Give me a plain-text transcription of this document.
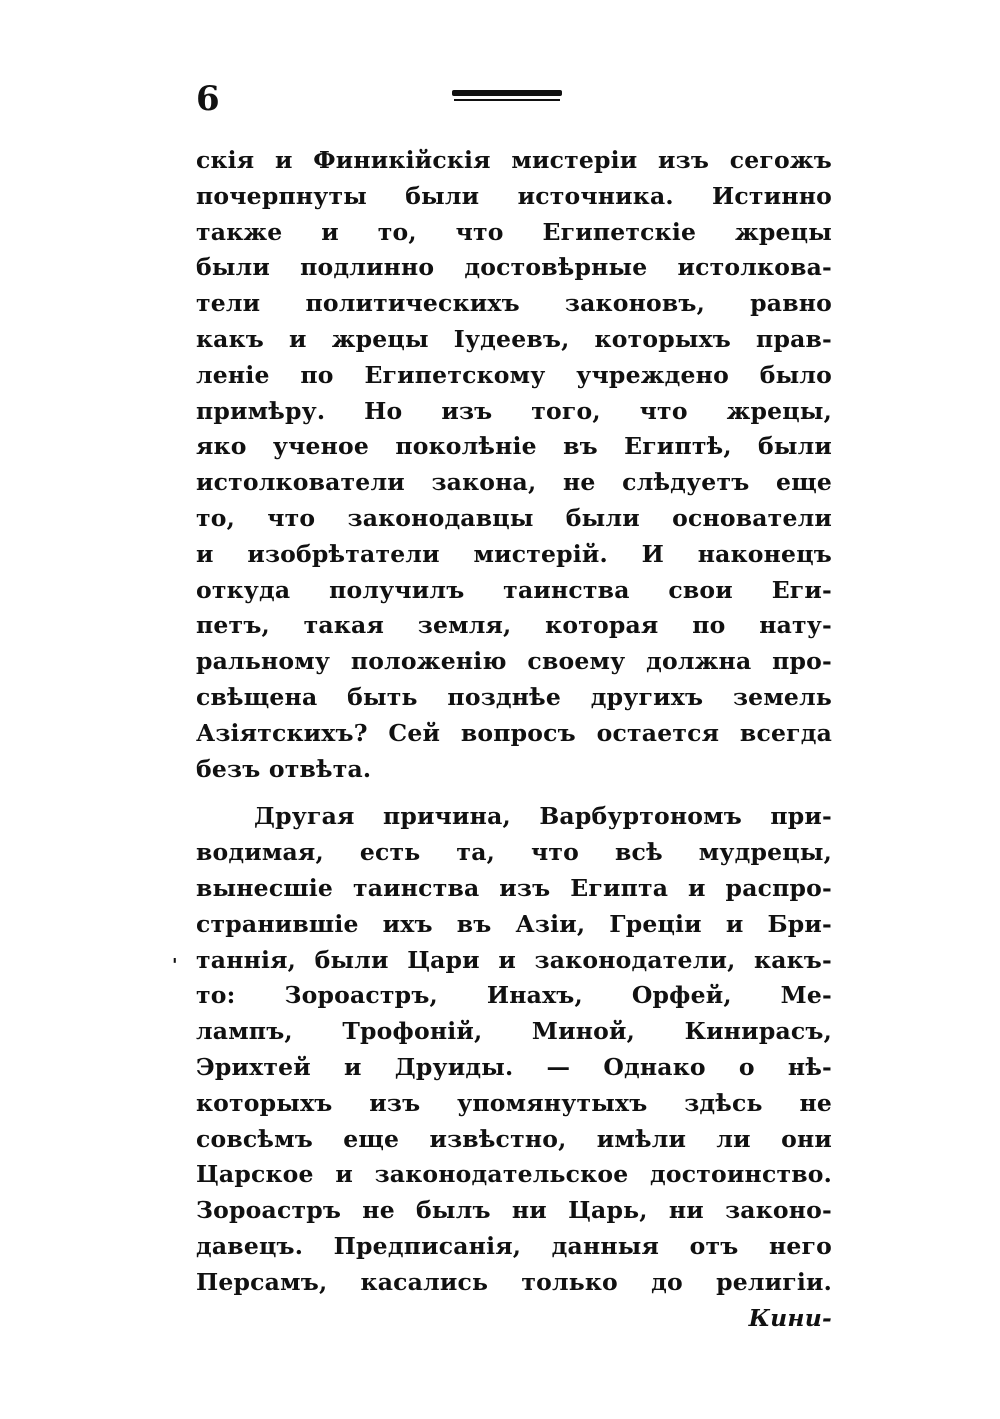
6
'
скія и Финикійскія мистеріи изъ сегожъ
почерпнуты были источника. Истинно
также и то, что Египетскіе жрецы
были подлинно достовѣрные истолкова-
тели политическихъ законовъ, равно
какъ и жрецы Іудеевъ, которыхъ прав-
леніе по Египетскому учреждено было
примѣру. Но изъ того, что жрецы,
яко ученое поколѣніе въ Египтѣ, были
истолкователи закона, не слѣдуетъ еще
то, что законодавцы были основатели
и изобрѣтатели мистерій. И наконецъ
откуда получилъ таинства свои Еги-
петъ, такая земля, которая по нату-
ральному положенію своему должна про-
свѣщена быть позднѣе другихъ земель
Азіятскихъ? Сей вопросъ остается всегда
безъ отвѣта.
Другая причина, Варбуртономъ при-
водимая, есть та, что всѣ мудрецы,
вынесшіе таинства изъ Египта и распро-
странившіе ихъ въ Азіи, Греціи и Бри-
таннія, были Цари и законодатели, какъ-
то: Зороастръ, Инахъ, Орфей, Ме-
лампъ, Трофоній, Миной, Кинирасъ,
Эрихтей и Друиды. — Однако о нѣ-
которыхъ изъ упомянутыхъ здѣсь не
совсѣмъ еще извѣстно, имѣли ли они
Царское и законодательское достоинство.
Зороастръ не былъ ни Царь, ни законо-
давецъ. Предписанія, данныя отъ него
Персамъ, касались только до религіи.
Кини-
